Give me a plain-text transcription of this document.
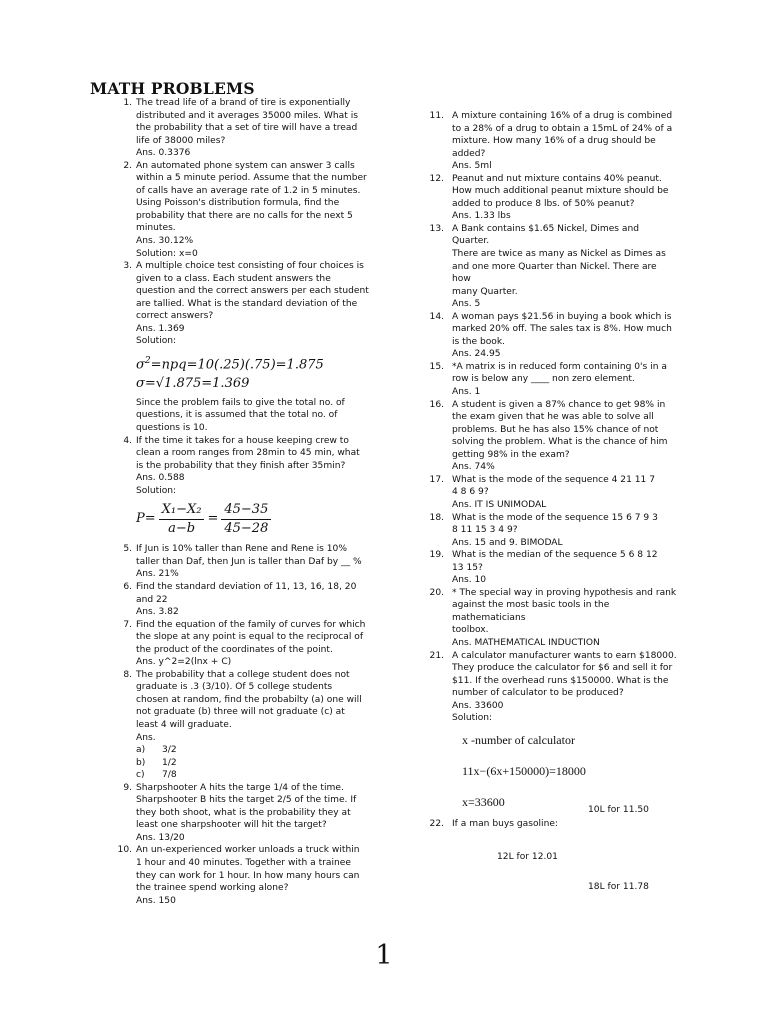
MATH PROBLEMS
1. The tread life of a brand of tire is exponentially
distributed and it averages 35000 miles. What is
the probability that a set of tire will have a tread
life of 38000 miles?
Ans. 0.3376
2. An automated phone system can answer 3 calls
within a 5 minute period. Assume that the number
of calls have an average rate of 1.2 in 5 minutes.
Using Poisson's distribution formula, find the
probability that there are no calls for the next 5
minutes.
Ans. 30.12%
Solution: x=0
3. A multiple choice test consisting of four choices is
given to a class. Each student answers the
question and the correct answers per each student
are tallied. What is the standard deviation of the
correct answers?
Ans. 1.369
Solution:
$\sigma^2=npq=10(.25)(.75)=1.875$
σ=√1.875=1.369
Since the problem fails to give the total no. of
questions, it is assumed that the total no. of
questions is 10.
4. If the time it takes for a house keeping crew to
clean a room ranges from 28min to 45 min, what
is the probability that they finish after 35min?
Ans. 0.588
Solution:
$P= \frac{\text{X₁−X₂}}{a-b} = \frac{45-35}{45-28}$
5. If Jun is 10% taller than Rene and Rene is 10%
taller than Daf, then Jun is taller than Daf by __ %
Ans. 21%
6. Find the standard deviation of 11, 13, 16, 18, 20
and 22
Ans. 3.82
7. Find the equation of the family of curves for which
the slope at any point is equal to the reciprocal of
the product of the coordinates of the point.
Ans. y^2=2(lnx + C)
8. The probability that a college student does not
graduate is .3 (3/10). Of 5 college students
chosen at random, find the probabilty (a) one will
not graduate (b) three will not graduate (c) at
least 4 will graduate.
Ans.
a)	3/2
b)	1/2
c)	7/8
9. Sharpshooter A hits the targe 1/4 of the time.
Sharpshooter B hits the target 2/5 of the time. If
they both shoot, what is the probability they at
least one sharpshooter will hit the target?
Ans. 13/20
10. An un-experienced worker unloads a truck within
1 hour and 40 minutes. Together with a trainee
they can work for 1 hour. In how many hours can
the trainee spend working alone?
Ans. 150
11. A mixture containing 16% of a drug is combined
to a 28% of a drug to obtain a 15mL of 24% of a
mixture. How many 16% of a drug should be
added?
Ans. 5ml
12. Peanut and nut mixture contains 40% peanut.
How much additional peanut mixture should be
added to produce 8 lbs. of 50% peanut?
Ans. 1.33 lbs
13. A Bank contains $1.65 Nickel, Dimes and Quarter.
There are twice as many as Nickel as Dimes as
and one more Quarter than Nickel. There are how
many Quarter.
Ans. 5
14. A woman pays $21.56 in buying a book which is
marked 20% off. The sales tax is 8%. How much
is the book.
Ans. 24.95
15. *A matrix is in reduced form containing 0's in a
row is below any ____ non zero element.
Ans. 1
16. A student is given a 87% chance to get 98% in
the exam given that he was able to solve all
problems. But he has also 15% chance of not
solving the problem. What is the chance of him
getting 98% in the exam?
Ans. 74%
17. What is the mode of the sequence 4 21 11 7
4 8 6 9?
Ans. IT IS UNIMODAL
18. What is the mode of the sequence 15 6 7 9 3
8 11 15 3 4 9?
Ans. 15 and 9. BIMODAL
19. What is the median of the sequence 5 6 8 12
13 15?
Ans. 10
20. * The special way in proving hypothesis and rank
against the most basic tools in the mathematicians
toolbox.
Ans. MATHEMATICAL INDUCTION
21. A calculator manufacturer wants to earn $18000.
They produce the calculator for $6 and sell it for
$11. If the overhead runs $150000. What is the
number of calculator to be produced?
Ans. 33600
Solution:
x -number of calculator
11x−(6x+150000)=18000
x=33600
22. If a man buys gasoline:
10L for 11.50
12L for 12.01
18L for 11.78
1
